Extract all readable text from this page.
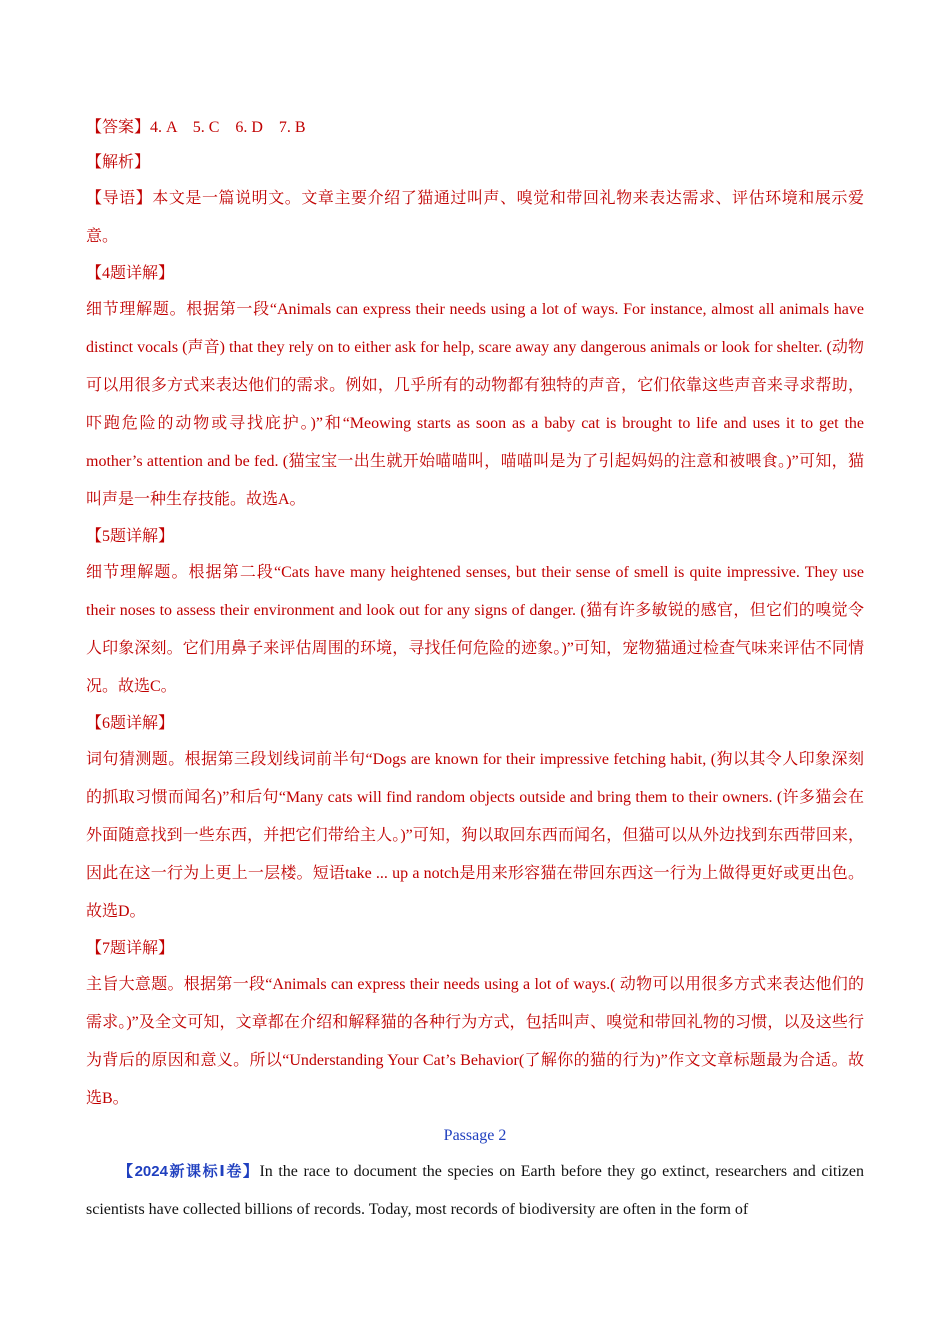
【答案】4. A    5. C    6. D    7. B
【解析】

【导语】本文是一篇说明文。文章主要介绍了猫通过叫声、嗅觉和带回礼物来表达需求、评估环境和展示爱意。

【4题详解】

细节理解题。根据第一段“Animals can express their needs using a lot of ways. For instance, almost all animals have distinct vocals (声音) that they rely on to either ask for help, scare away any dangerous animals or look for shelter. (动物可以用很多方式来表达他们的需求。例如，几乎所有的动物都有独特的声音，它们依靠这些声音来寻求帮助，吓跑危险的动物或寻找庇护。)”和“Meowing starts as soon as a baby cat is brought to life and uses it to get the mother’s attention and be fed. (猫宝宝一出生就开始喵喵叫，喵喵叫是为了引起妈妈的注意和被喂食。)”可知，猫叫声是一种生存技能。故选A。

【5题详解】

细节理解题。根据第二段“Cats have many heightened senses, but their sense of smell is quite impressive. They use their noses to assess their environment and look out for any signs of danger. (猫有许多敏锐的感官，但它们的嗅觉令人印象深刻。它们用鼻子来评估周围的环境，寻找任何危险的迹象。)”可知，宠物猫通过检查气味来评估不同情况。故选C。

【6题详解】

词句猜测题。根据第三段划线词前半句“Dogs are known for their impressive fetching habit, (狗以其令人印象深刻的抓取习惯而闻名)”和后句“Many cats will find random objects outside and bring them to their owners. (许多猫会在外面随意找到一些东西，并把它们带给主人。)”可知，狗以取回东西而闻名，但猫可以从外边找到东西带回来，因此在这一行为上更上一层楼。短语take ... up a notch是用来形容猫在带回东西这一行为上做得更好或更出色。故选D。

【7题详解】

主旨大意题。根据第一段“Animals can express their needs using a lot of ways.( 动物可以用很多方式来表达他们的需求。)”及全文可知，文章都在介绍和解释猫的各种行为方式，包括叫声、嗅觉和带回礼物的习惯，以及这些行为背后的原因和意义。所以“Understanding Your Cat’s Behavior(了解你的猫的行为)”作文文章标题最为合适。故选B。

Passage 2

【2024新课标Ⅰ卷】In the race to document the species on Earth before they go extinct, researchers and citizen scientists have collected billions of records. Today, most records of biodiversity are often in the form of
